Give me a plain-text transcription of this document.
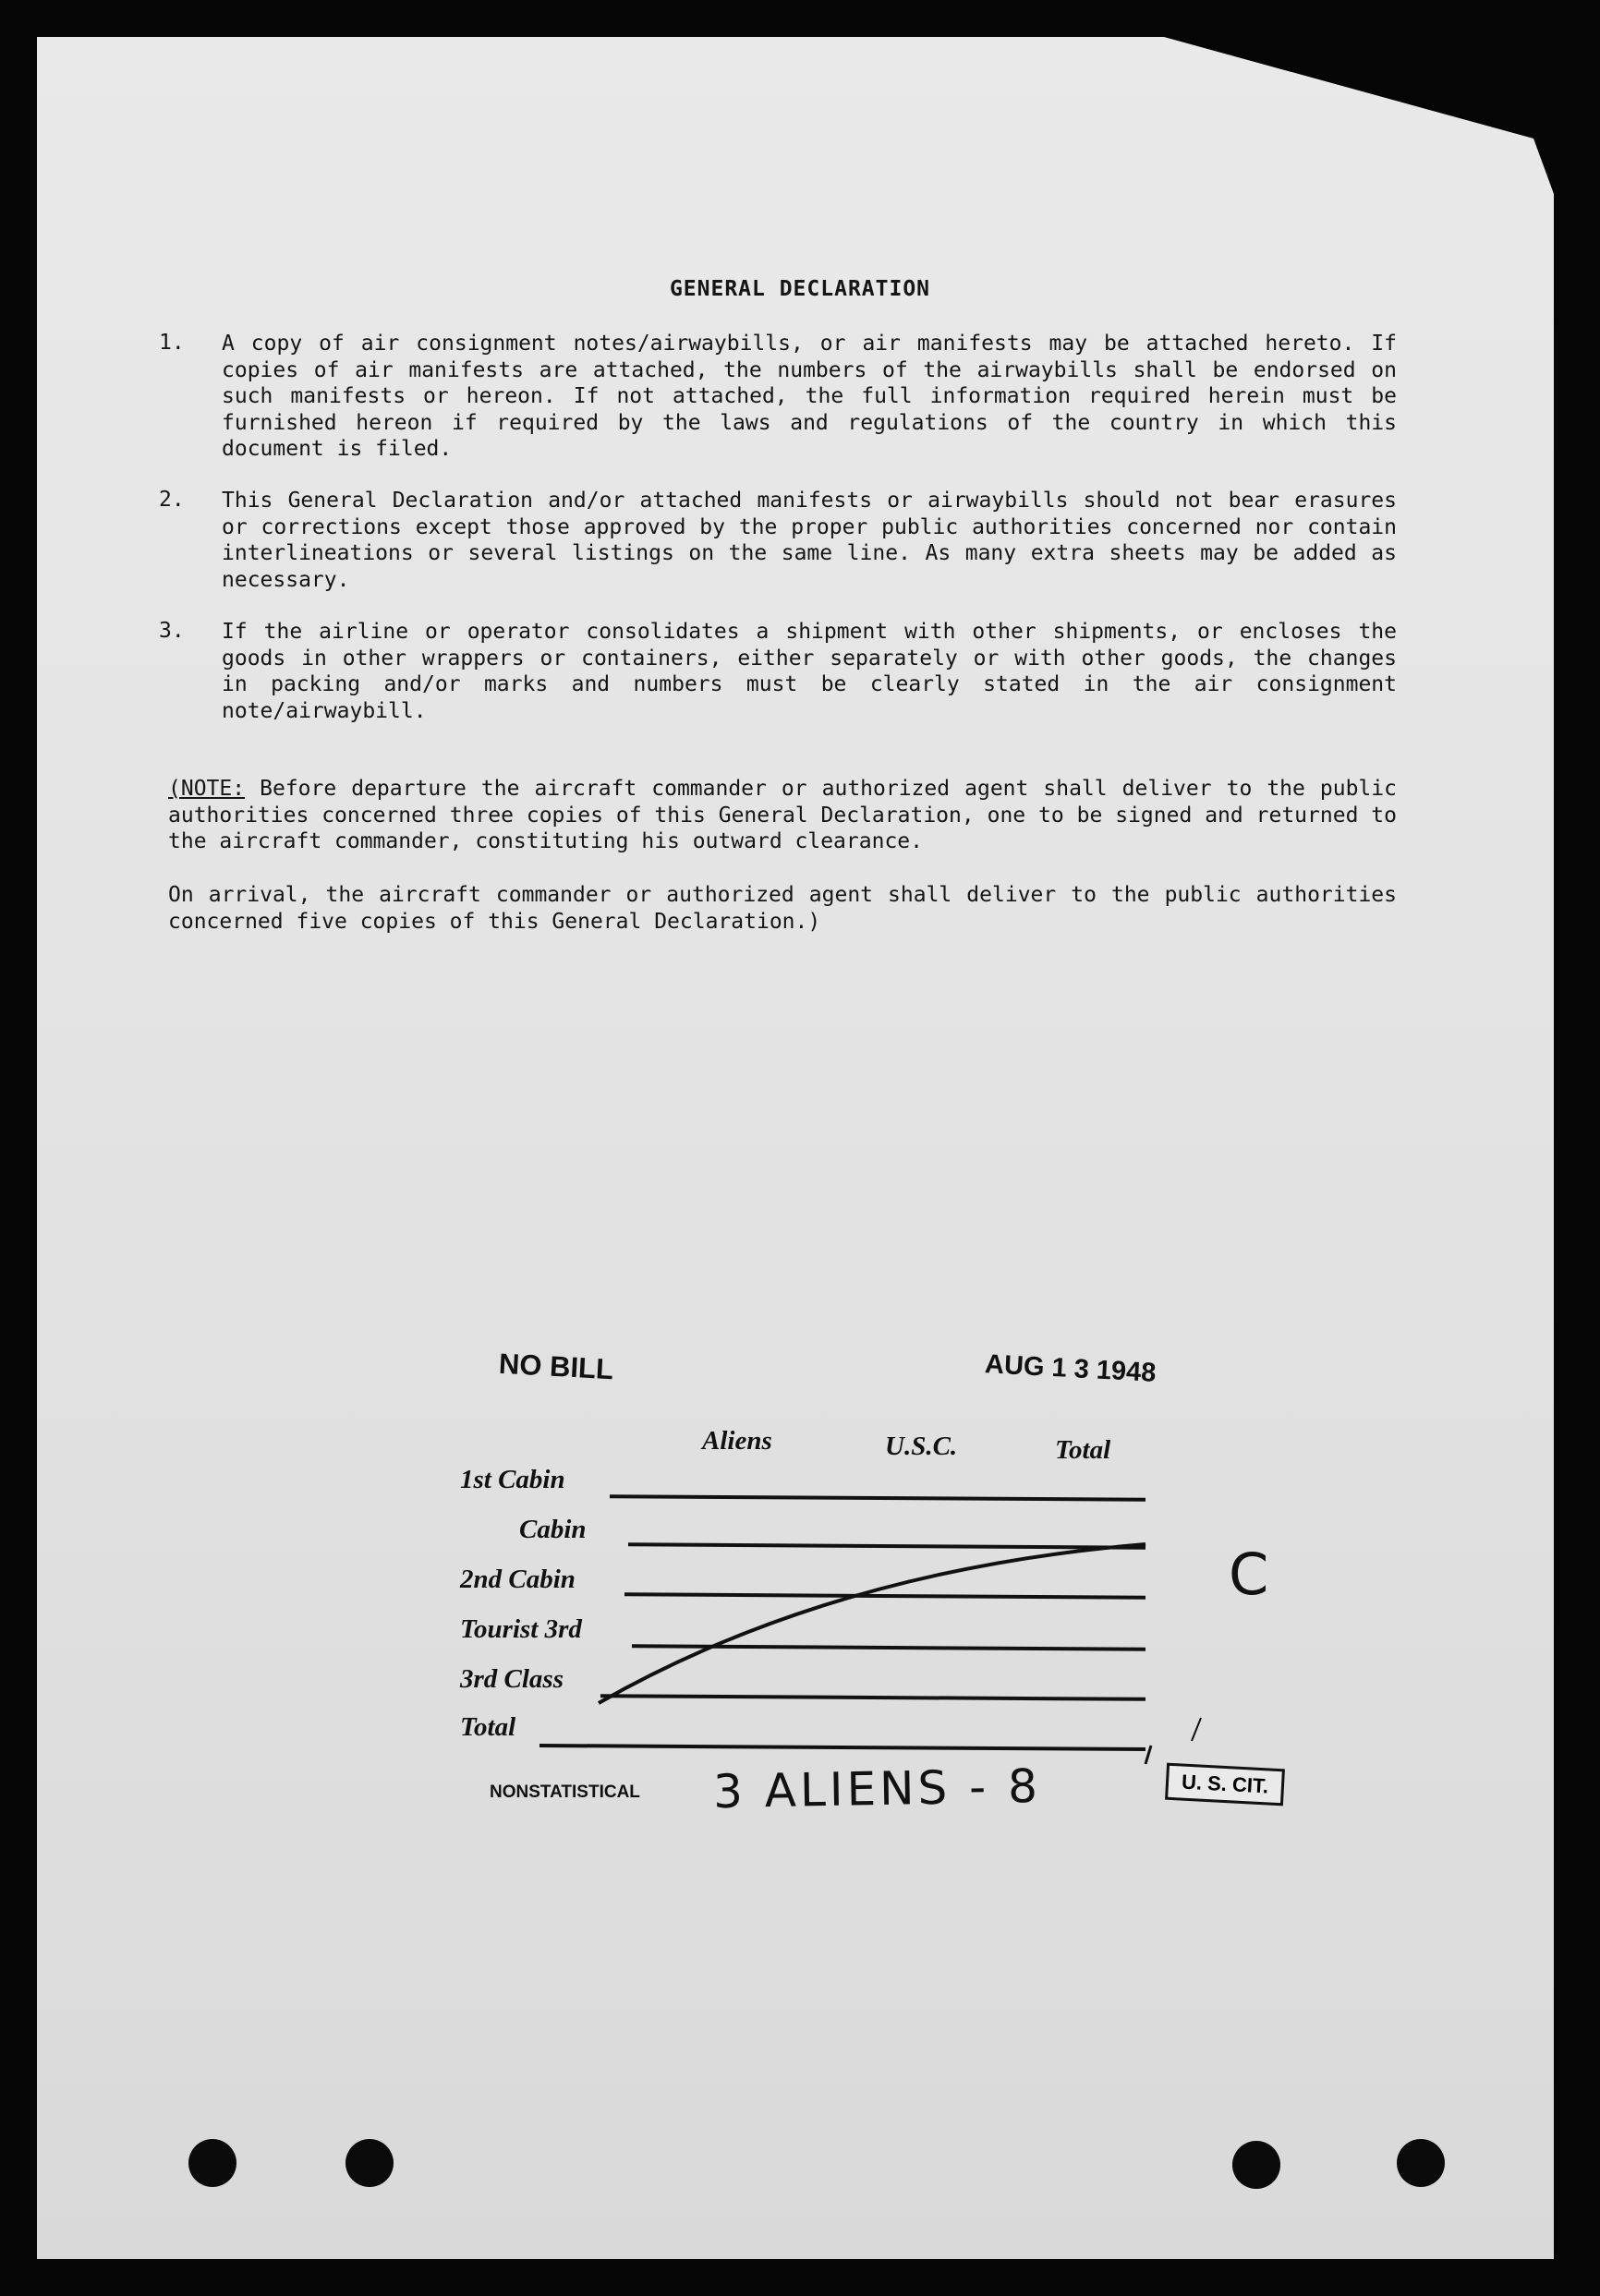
GENERAL DECLARATION
1. A copy of air consignment notes/airwaybills, or air manifests may be attached hereto. If copies of air manifests are attached, the numbers of the airwaybills shall be endorsed on such manifests or hereon. If not attached, the full information required herein must be furnished hereon if required by the laws and regulations of the country in which this document is filed.
2. This General Declaration and/or attached manifests or airwaybills should not bear erasures or corrections except those approved by the proper public authorities concerned nor contain interlineations or several listings on the same line. As many extra sheets may be added as necessary.
3. If the airline or operator consolidates a shipment with other shipments, or encloses the goods in other wrappers or containers, either separately or with other goods, the changes in packing and/or marks and numbers must be clearly stated in the air consignment note/airwaybill.
(NOTE: Before departure the aircraft commander or authorized agent shall deliver to the public authorities concerned three copies of this General Declaration, one to be signed and returned to the aircraft commander, constituting his outward clearance.
On arrival, the aircraft commander or authorized agent shall deliver to the public authorities concerned five copies of this General Declaration.)
NO BILL	AUG 1 3 1948
Aliens	U.S.C.	Total
1st Cabin
Cabin
2nd Cabin
Tourist 3rd
3rd Class
Total
NONSTATISTICAL 3 ALIENS - 8
C
U. S. CIT.
